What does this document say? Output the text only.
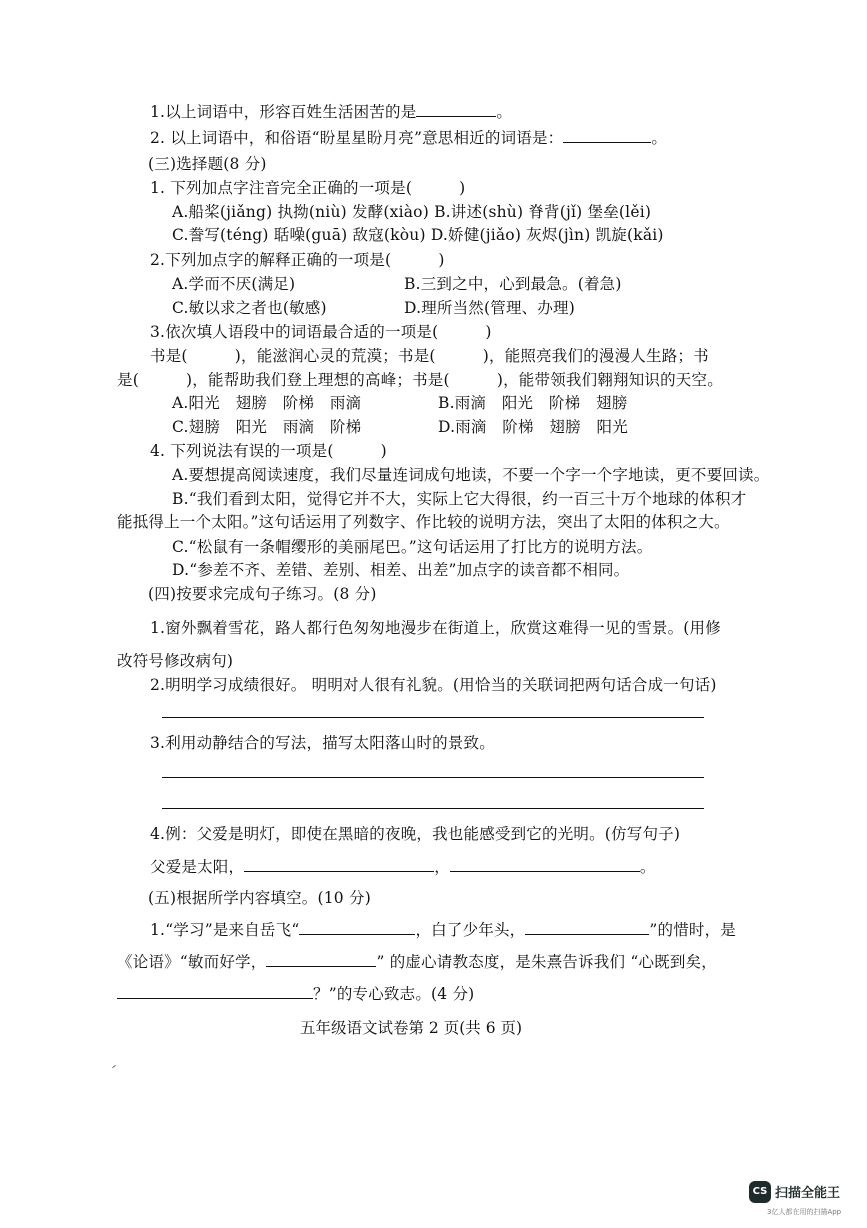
1.以上词语中，形容百姓生活困苦的是	。
2. 以上词语中，和俗语“盼星星盼月亮”意思相近的词语是：	。
(三)选择题(8 分)
1. 下列加点字注音完全正确的一项是(　　　)
A.船桨(jiǎng) 执拗(niù) 发酵(xiào) B.讲述(shù) 脊背(jǐ) 堡垒(lěi)
C.誊写(téng) 聒噪(guā) 敌寇(kòu) D.娇健(jiǎo) 灰烬(jìn) 凯旋(kǎi)
2.下列加点字的解释正确的一项是(　　　)
A.学而不厌(满足)	B.三到之中，心到最急。(着急)
C.敏以求之者也(敏感)	D.理所当然(管理、办理)
3.依次填人语段中的词语最合适的一项是(　　　)
书是(　　　)，能滋润心灵的荒漠；书是(　　　)，能照亮我们的漫漫人生路；书
是(　　　)，能帮助我们登上理想的高峰；书是(　　　)，能带领我们翱翔知识的天空。
A.阳光　翅膀　阶梯　雨滴	B.雨滴　阳光　阶梯　翅膀
C.翅膀　阳光　雨滴　阶梯	D.雨滴　阶梯　翅膀　阳光
4. 下列说法有误的一项是(　　　)
A.要想提高阅读速度，我们尽量连词成句地读，不要一个字一个字地读，更不要回读。
B.“我们看到太阳，觉得它并不大，实际上它大得很，约一百三十万个地球的体积才
能抵得上一个太阳。”这句话运用了列数字、作比较的说明方法，突出了太阳的体积之大。
C.“松鼠有一条帽缨形的美丽尾巴。”这句话运用了打比方的说明方法。
D.“参差不齐、差错、差别、相差、出差”加点字的读音都不相同。
(四)按要求完成句子练习。(8 分)
1.窗外飘着雪花，路人都行色匆匆地漫步在街道上，欣赏这难得一见的雪景。(用修
改符号修改病句)
2.明明学习成绩很好。 明明对人很有礼貌。(用恰当的关联词把两句话合成一句话)
3.利用动静结合的写法，描写太阳落山时的景致。
4.例：父爱是明灯，即使在黑暗的夜晚，我也能感受到它的光明。(仿写句子)
父爱是太阳，	，	。
(五)根据所学内容填空。(10 分)
1.“学习”是来自岳飞“	，白了少年头，	”的惜时，是
《论语》“敏而好学，	” 的虚心请教态度，是朱熹告诉我们 “心既到矣，
？”的专心致志。(4 分)
五年级语文试卷第 2 页(共 6 页)
CS 扫描全能王
3亿人都在用的扫描App
